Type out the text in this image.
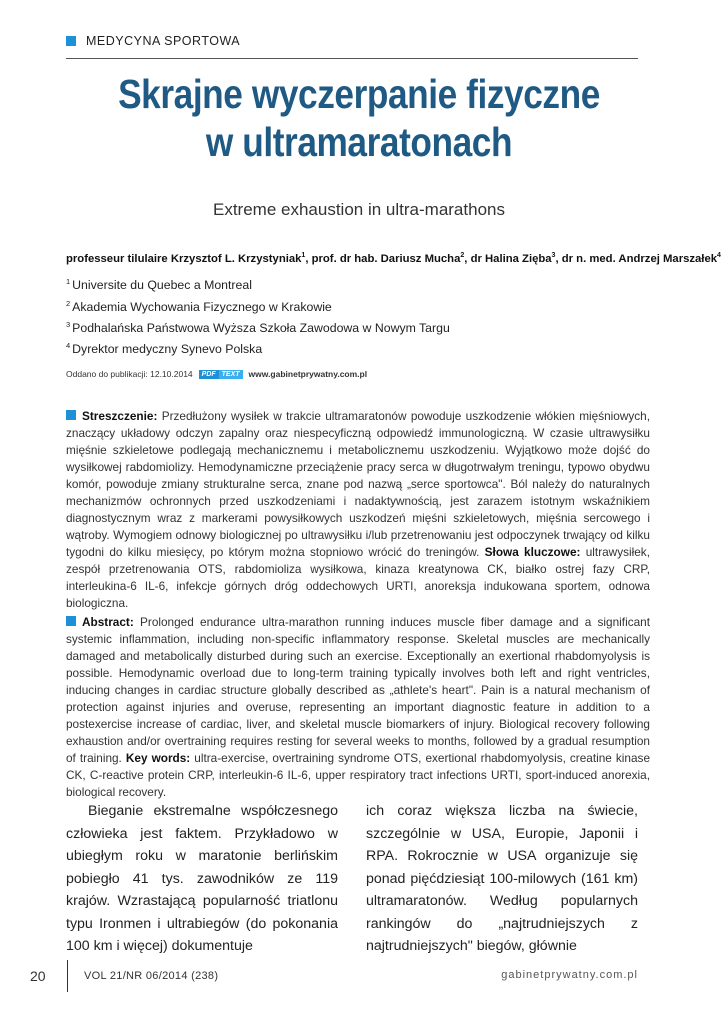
MEDYCYNA SPORTOWA
Skrajne wyczerpanie fizyczne
w ultramaratonach
Extreme exhaustion in ultra-marathons
professeur tilulaire Krzysztof L. Krzystyniak$^1$, prof. dr hab. Dariusz Mucha$^2$, dr Halina Zięba$^3$, dr n. med. Andrzej Marszałek$^4$
$^1$ Universite du Quebec a Montreal
$^2$ Akademia Wychowania Fizycznego w Krakowie
$^3$ Podhalańska Państwowa Wyższa Szkoła Zawodowa w Nowym Targu
$^4$ Dyrektor medyczny Synevo Polska
Oddano do publikacji: 12.10.2014	PDF TEXT	www.gabinetprywatny.com.pl

Streszczenie: Przedłużony wysiłek w trakcie ultramaratonów powoduje uszkodzenie włókien mięśniowych, znaczący układowy odczyn zapalny oraz niespecyficzną odpowiedź immunologiczną. W czasie ultrawysiłku mięśnie szkieletowe podlegają mechanicznemu i metabolicznemu uszkodzeniu. Wyjątkowo może dojść do wysiłkowej rabdomiolizy. Hemodynamiczne przeciążenie pracy serca w długotrwałym treningu, typowo obydwu komór, powoduje zmiany strukturalne serca, znane pod nazwą „serce sportowca". Ból należy do naturalnych mechanizmów ochronnych przed uszkodzeniami i nadaktywnością, jest zarazem istotnym wskaźnikiem diagnostycznym wraz z markerami powysiłkowych uszkodzeń mięśni szkieletowych, mięśnia sercowego i wątroby. Wymogiem odnowy biologicznej po ultrawysiłku i/lub przetrenowaniu jest odpoczynek trwający od kilku tygodni do kilku miesięcy, po którym można stopniowo wrócić do treningów. Słowa kluczowe: ultrawysiłek, zespół przetrenowania OTS, rabdomioliza wysiłkowa, kinaza kreatynowa CK, białko ostrej fazy CRP, interleukina-6 IL-6, infekcje górnych dróg oddechowych URTI, anoreksja indukowana sportem, odnowa biologiczna.

Abstract: Prolonged endurance ultra-marathon running induces muscle fiber damage and a significant systemic inflammation, including non-specific inflammatory response. Skeletal muscles are mechanically damaged and metabolically disturbed during such an exercise. Exceptionally an exertional rhabdomyolysis is possible. Hemodynamic overload due to long-term training typically involves both left and right ventricles, inducing changes in cardiac structure globally described as „athlete's heart". Pain is a natural mechanism of protection against injuries and overuse, representing an important diagnostic feature in addition to a postexercise increase of cardiac, liver, and skeletal muscle biomarkers of injury. Biological recovery following exhaustion and/or overtraining requires resting for several weeks to months, followed by a gradual resumption of training. Key words: ultra-exercise, overtraining syndrome OTS, exertional rhabdomyolysis, creatine kinase CK, C-reactive protein CRP, interleukin-6 IL-6, upper respiratory tract infections URTI, sport-induced anorexia, biological recovery.

Bieganie ekstremalne współczesnego człowieka jest faktem. Przykładowo w ubiegłym roku w maratonie berlińskim pobiegło 41 tys. zawodników ze 119 krajów. Wzrastającą popularność triatlonu typu Ironmen i ultrabiegów (do pokonania 100 km i więcej) dokumentuje

ich coraz większa liczba na świecie, szczególnie w USA, Europie, Japonii i RPA. Rokrocznie w USA organizuje się ponad pięćdziesiąt 100-milowych (161 km) ultramaratonów. Według popularnych rankingów do „najtrudniejszych z najtrudniejszych" biegów, głównie

20	VOL 21/NR 06/2014 (238)	gabinetprywatny.com.pl
